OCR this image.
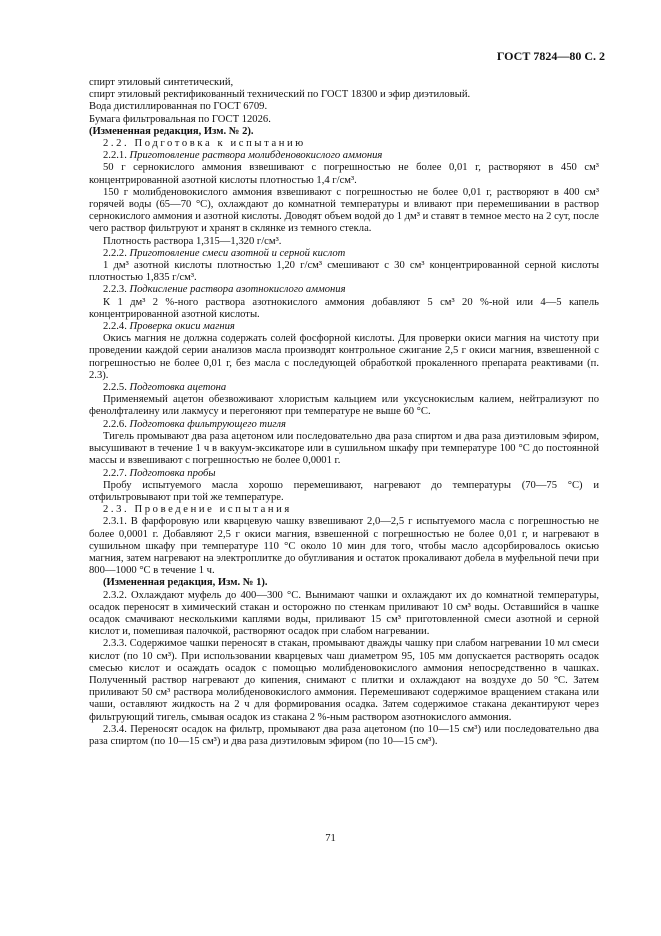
ГОСТ 7824—80 С. 2

спирт этиловый синтетический,

спирт этиловый ректификованный технический по ГОСТ 18300 и эфир диэтиловый.

Вода дистиллированная по ГОСТ 6709.

Бумага фильтровальная по ГОСТ 12026.

(Измененная редакция, Изм. № 2).

2.2. Подготовка к испытанию

2.2.1. Приготовление раствора молибденовокислого аммония

50 г сернокислого аммония взвешивают с погрешностью не более 0,01 г, растворяют в 450 см³ концентрированной азотной кислоты плотностью 1,4 г/см³.

150 г молибденовокислого аммония взвешивают с погрешностью не более 0,01 г, растворяют в 400 см³ горячей воды (65—70 °С), охлаждают до комнатной температуры и вливают при перемешивании в раствор сернокислого аммония и азотной кислоты. Доводят объем водой до 1 дм³ и ставят в темное место на 2 сут, после чего раствор фильтруют и хранят в склянке из темного стекла.

Плотность раствора 1,315—1,320 г/см³.

2.2.2. Приготовление смеси азотной и серной кислот

1 дм³ азотной кислоты плотностью 1,20 г/см³ смешивают с 30 см³ концентрированной серной кислоты плотностью 1,835 г/см³.

2.2.3. Подкисление раствора азотнокислого аммония

К 1 дм³ 2 %-ного раствора азотнокислого аммония добавляют 5 см³ 20 %-ной или 4—5 капель концентрированной азотной кислоты.

2.2.4. Проверка окиси магния

Окись магния не должна содержать солей фосфорной кислоты. Для проверки окиси магния на чистоту при проведении каждой серии анализов масла производят контрольное сжигание 2,5 г окиси магния, взвешенной с погрешностью не более 0,01 г, без масла с последующей обработкой прокаленного препарата реактивами (п. 2.3).

2.2.5. Подготовка ацетона

Применяемый ацетон обезвоживают хлористым кальцием или уксуснокислым калием, нейтрализуют по фенолфталеину или лакмусу и перегоняют при температуре не выше 60 °С.

2.2.6. Подготовка фильтрующего тигля

Тигель промывают два раза ацетоном или последовательно два раза спиртом и два раза диэтиловым эфиром, высушивают в течение 1 ч в вакуум-эксикаторе или в сушильном шкафу при температуре 100 °С до постоянной массы и взвешивают с погрешностью не более 0,0001 г.

2.2.7. Подготовка пробы

Пробу испытуемого масла хорошо перемешивают, нагревают до температуры (70—75 °С) и отфильтровывают при той же температуре.

2.3. Проведение испытания

2.3.1. В фарфоровую или кварцевую чашку взвешивают 2,0—2,5 г испытуемого масла с погрешностью не более 0,0001 г. Добавляют 2,5 г окиси магния, взвешенной с погрешностью не более 0,01 г, и нагревают в сушильном шкафу при температуре 110 °С около 10 мин для того, чтобы масло адсорбировалось окисью магния, затем нагревают на электроплитке до обугливания и остаток прокаливают добела в муфельной печи при 800—1000 °С в течение 1 ч.

(Измененная редакция, Изм. № 1).

2.3.2. Охлаждают муфель до 400—300 °С. Вынимают чашки и охлаждают их до комнатной температуры, осадок переносят в химический стакан и осторожно по стенкам приливают 10 см³ воды. Оставшийся в чашке осадок смачивают несколькими каплями воды, приливают 15 см³ приготовленной смеси азотной и серной кислот и, помешивая палочкой, растворяют осадок при слабом нагревании.

2.3.3. Содержимое чашки переносят в стакан, промывают дважды чашку при слабом нагревании 10 мл смеси кислот (по 10 см³). При использовании кварцевых чаш диаметром 95, 105 мм допускается растворять осадок смесью кислот и осаждать осадок с помощью молибденовокислого аммония непосредственно в чашках. Полученный раствор нагревают до кипения, снимают с плитки и охлаждают на воздухе до 50 °С. Затем приливают 50 см³ раствора молибденовокислого аммония. Перемешивают содержимое вращением стакана или чаши, оставляют жидкость на 2 ч для формирования осадка. Затем содержимое стакана декантируют через фильтрующий тигель, смывая осадок из стакана 2 %-ным раствором азотнокислого аммония.

2.3.4. Переносят осадок на фильтр, промывают два раза ацетоном (по 10—15 см³) или последовательно два раза спиртом (по 10—15 см³) и два раза диэтиловым эфиром (по 10—15 см³).

71
